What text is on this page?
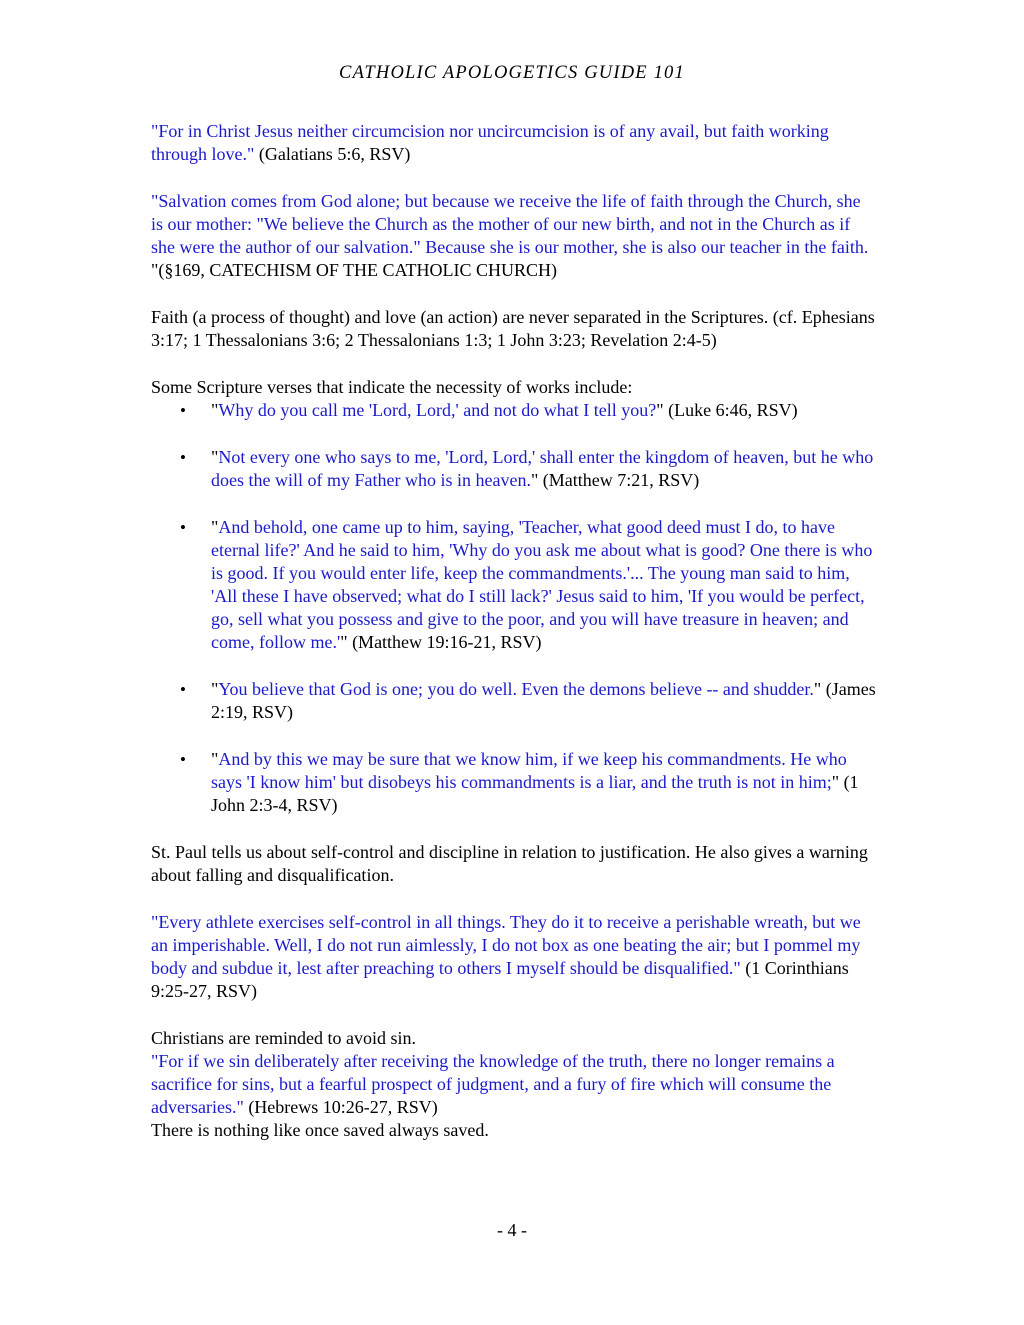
CATHOLIC APOLOGETICS GUIDE 101

"For in Christ Jesus neither circumcision nor uncircumcision is of any avail, but faith working through love." (Galatians 5:6, RSV)

"Salvation comes from God alone; but because we receive the life of faith through the Church, she is our mother: "We believe the Church as the mother of our new birth, and not in the Church as if she were the author of our salvation." Because she is our mother, she is also our teacher in the faith. "(§169, CATECHISM OF THE CATHOLIC CHURCH)

Faith (a process of thought) and love (an action) are never separated in the Scriptures. (cf. Ephesians 3:17; 1 Thessalonians 3:6; 2 Thessalonians 1:3; 1 John 3:23; Revelation 2:4-5)

Some Scripture verses that indicate the necessity of works include:

• "Why do you call me 'Lord, Lord,' and not do what I tell you?" (Luke 6:46, RSV)
• "Not every one who says to me, 'Lord, Lord,' shall enter the kingdom of heaven, but he who does the will of my Father who is in heaven." (Matthew 7:21, RSV)
• "And behold, one came up to him, saying, 'Teacher, what good deed must I do, to have eternal life?' And he said to him, 'Why do you ask me about what is good? One there is who is good. If you would enter life, keep the commandments.'... The young man said to him, 'All these I have observed; what do I still lack?' Jesus said to him, 'If you would be perfect, go, sell what you possess and give to the poor, and you will have treasure in heaven; and come, follow me.'" (Matthew 19:16-21, RSV)
• "You believe that God is one; you do well. Even the demons believe -- and shudder." (James 2:19, RSV)
• "And by this we may be sure that we know him, if we keep his commandments. He who says 'I know him' but disobeys his commandments is a liar, and the truth is not in him;" (1 John 2:3-4, RSV)

St. Paul tells us about self-control and discipline in relation to justification. He also gives a warning about falling and disqualification.

"Every athlete exercises self-control in all things. They do it to receive a perishable wreath, but we an imperishable. Well, I do not run aimlessly, I do not box as one beating the air; but I pommel my body and subdue it, lest after preaching to others I myself should be disqualified." (1 Corinthians 9:25-27, RSV)

Christians are reminded to avoid sin.
"For if we sin deliberately after receiving the knowledge of the truth, there no longer remains a sacrifice for sins, but a fearful prospect of judgment, and a fury of fire which will consume the adversaries." (Hebrews 10:26-27, RSV)
There is nothing like once saved always saved.
- 4 -
